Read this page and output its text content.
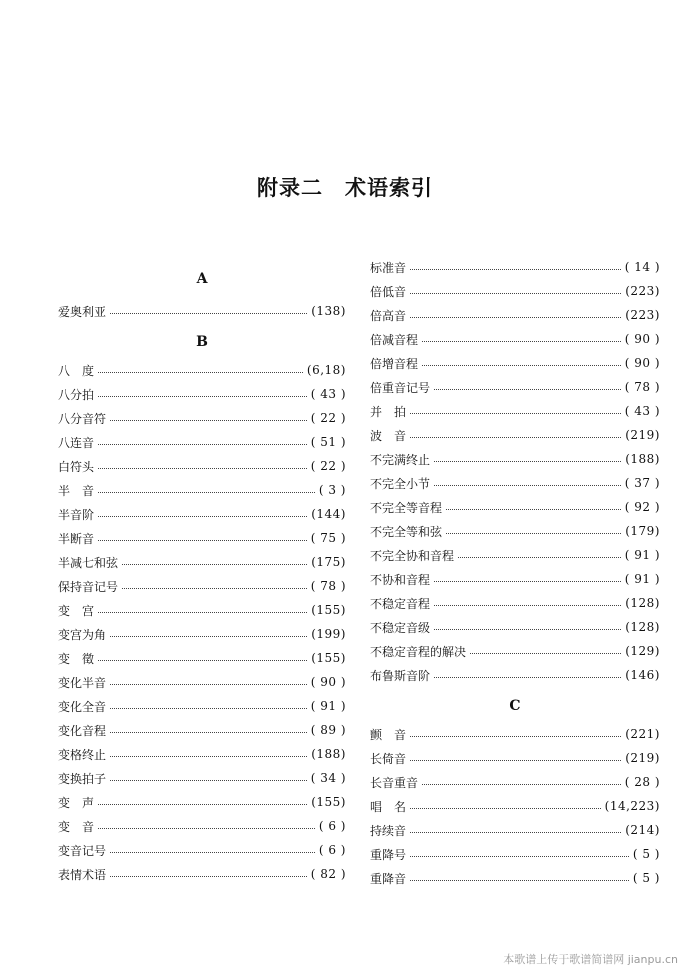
附录二　术语索引
A
爱奥利亚	(138)
B
八　度	(6,18)
八分拍	( 43 )
八分音符	( 22 )
八连音	( 51 )
白符头	( 22 )
半　音	( 3 )
半音阶	(144)
半断音	( 75 )
半减七和弦	(175)
保持音记号	( 78 )
变　宫	(155)
变宫为角	(199)
变　徵	(155)
变化半音	( 90 )
变化全音	( 91 )
变化音程	( 89 )
变格终止	(188)
变换拍子	( 34 )
变　声	(155)
变　音	( 6 )
变音记号	( 6 )
表情术语	( 82 )
标准音	( 14 )
倍低音	(223)
倍高音	(223)
倍减音程	( 90 )
倍增音程	( 90 )
倍重音记号	( 78 )
并　拍	( 43 )
波　音	(219)
不完满终止	(188)
不完全小节	( 37 )
不完全等音程	( 92 )
不完全等和弦	(179)
不完全协和音程	( 91 )
不协和音程	( 91 )
不稳定音程	(128)
不稳定音级	(128)
不稳定音程的解决	(129)
布鲁斯音阶	(146)
C
颤　音	(221)
长倚音	(219)
长音重音	( 28 )
唱　名	(14,223)
持续音	(214)
重降号	( 5 )
重降音	( 5 )

本歌谱上传于歌谱简谱网 jianpu.cn
